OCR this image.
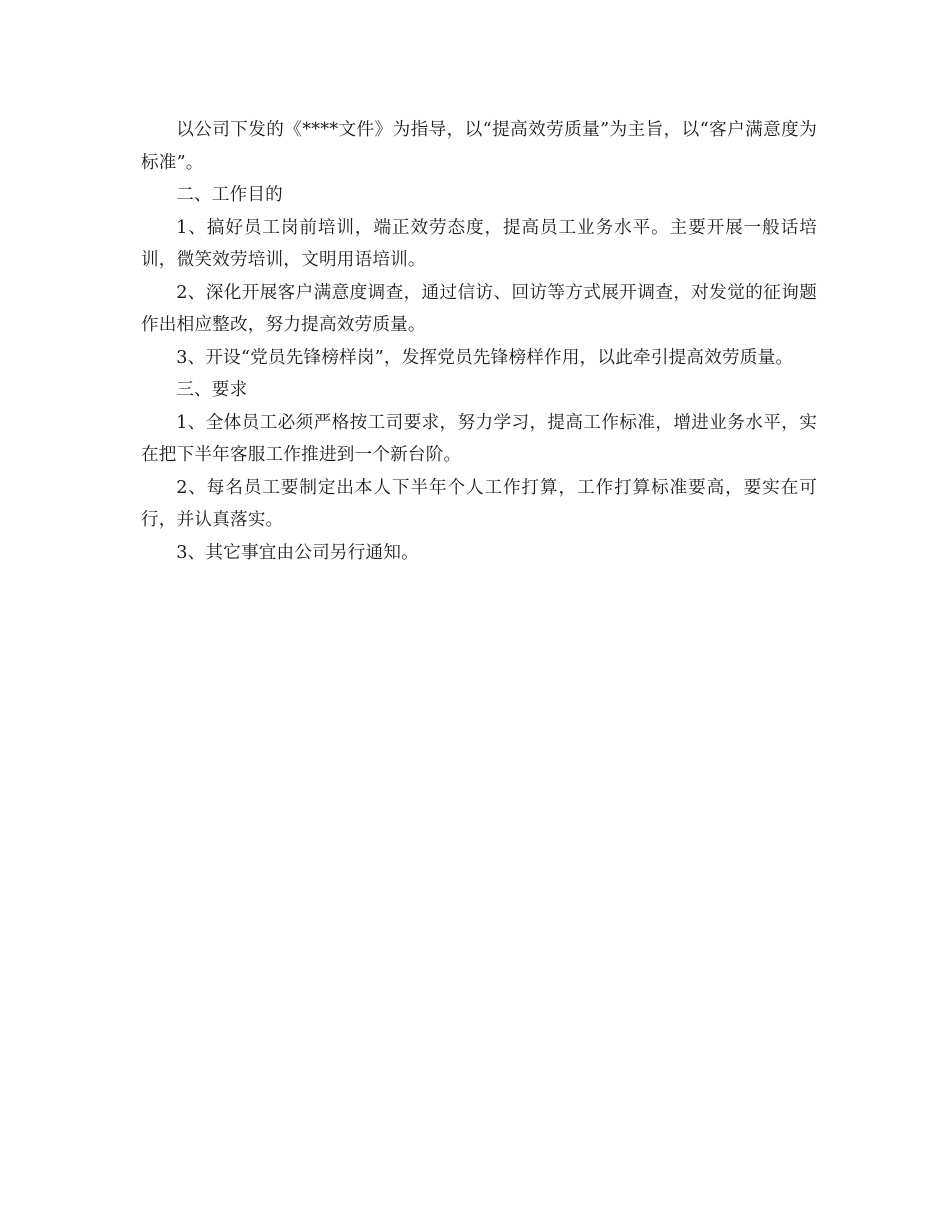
以公司下发的《****文件》为指导，以“提高效劳质量”为主旨，以“客户满意度为标准”。

二、工作目的

1、搞好员工岗前培训，端正效劳态度，提高员工业务水平。主要开展一般话培训，微笑效劳培训，文明用语培训。

2、深化开展客户满意度调查，通过信访、回访等方式展开调查，对发觉的征询题作出相应整改，努力提高效劳质量。

3、开设“党员先锋榜样岗”，发挥党员先锋榜样作用，以此牵引提高效劳质量。

三、要求

1、全体员工必须严格按工司要求，努力学习，提高工作标准，增进业务水平，实在把下半年客服工作推进到一个新台阶。

2、每名员工要制定出本人下半年个人工作打算，工作打算标准要高，要实在可行，并认真落实。

3、其它事宜由公司另行通知。
